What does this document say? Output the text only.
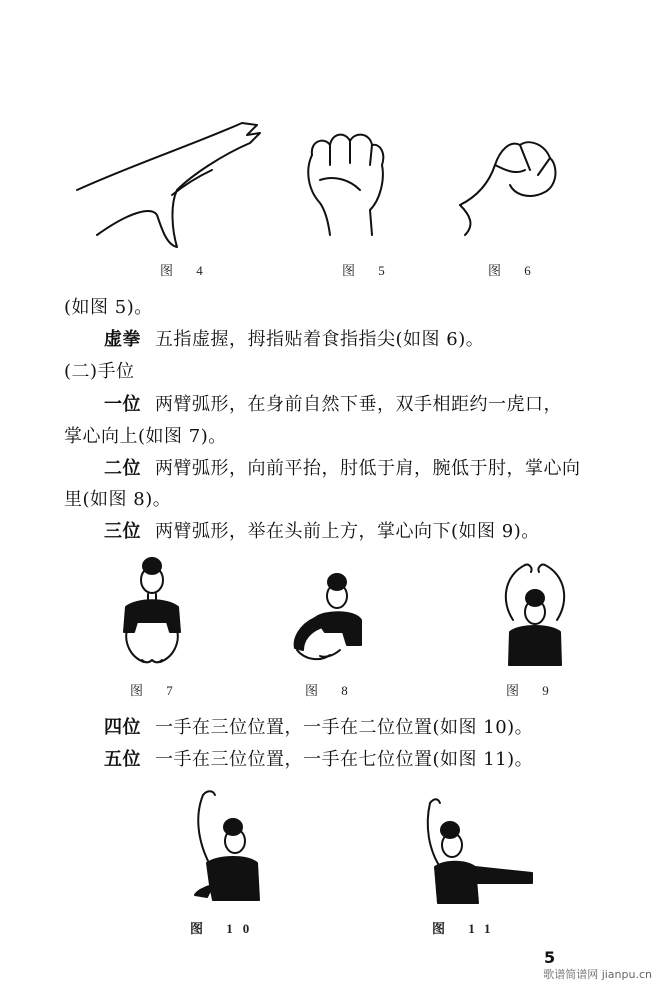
图 4	图 5	图 6
(如图 5)。
虚拳 五指虚握，拇指贴着食指指尖(如图 6)。
(二)手位
一位 两臂弧形，在身前自然下垂，双手相距约一虎口，
掌心向上(如图 7)。
二位 两臂弧形，向前平抬，肘低于肩，腕低于肘，掌心向
里(如图 8)。
三位 两臂弧形，举在头前上方，掌心向下(如图 9)。
图 7	图 8	图 9
四位 一手在三位位置，一手在二位位置(如图 10)。
五位 一手在三位位置，一手在七位位置(如图 11)。
图 10	图 11
5
歌谱简谱网 jianpu.cn
